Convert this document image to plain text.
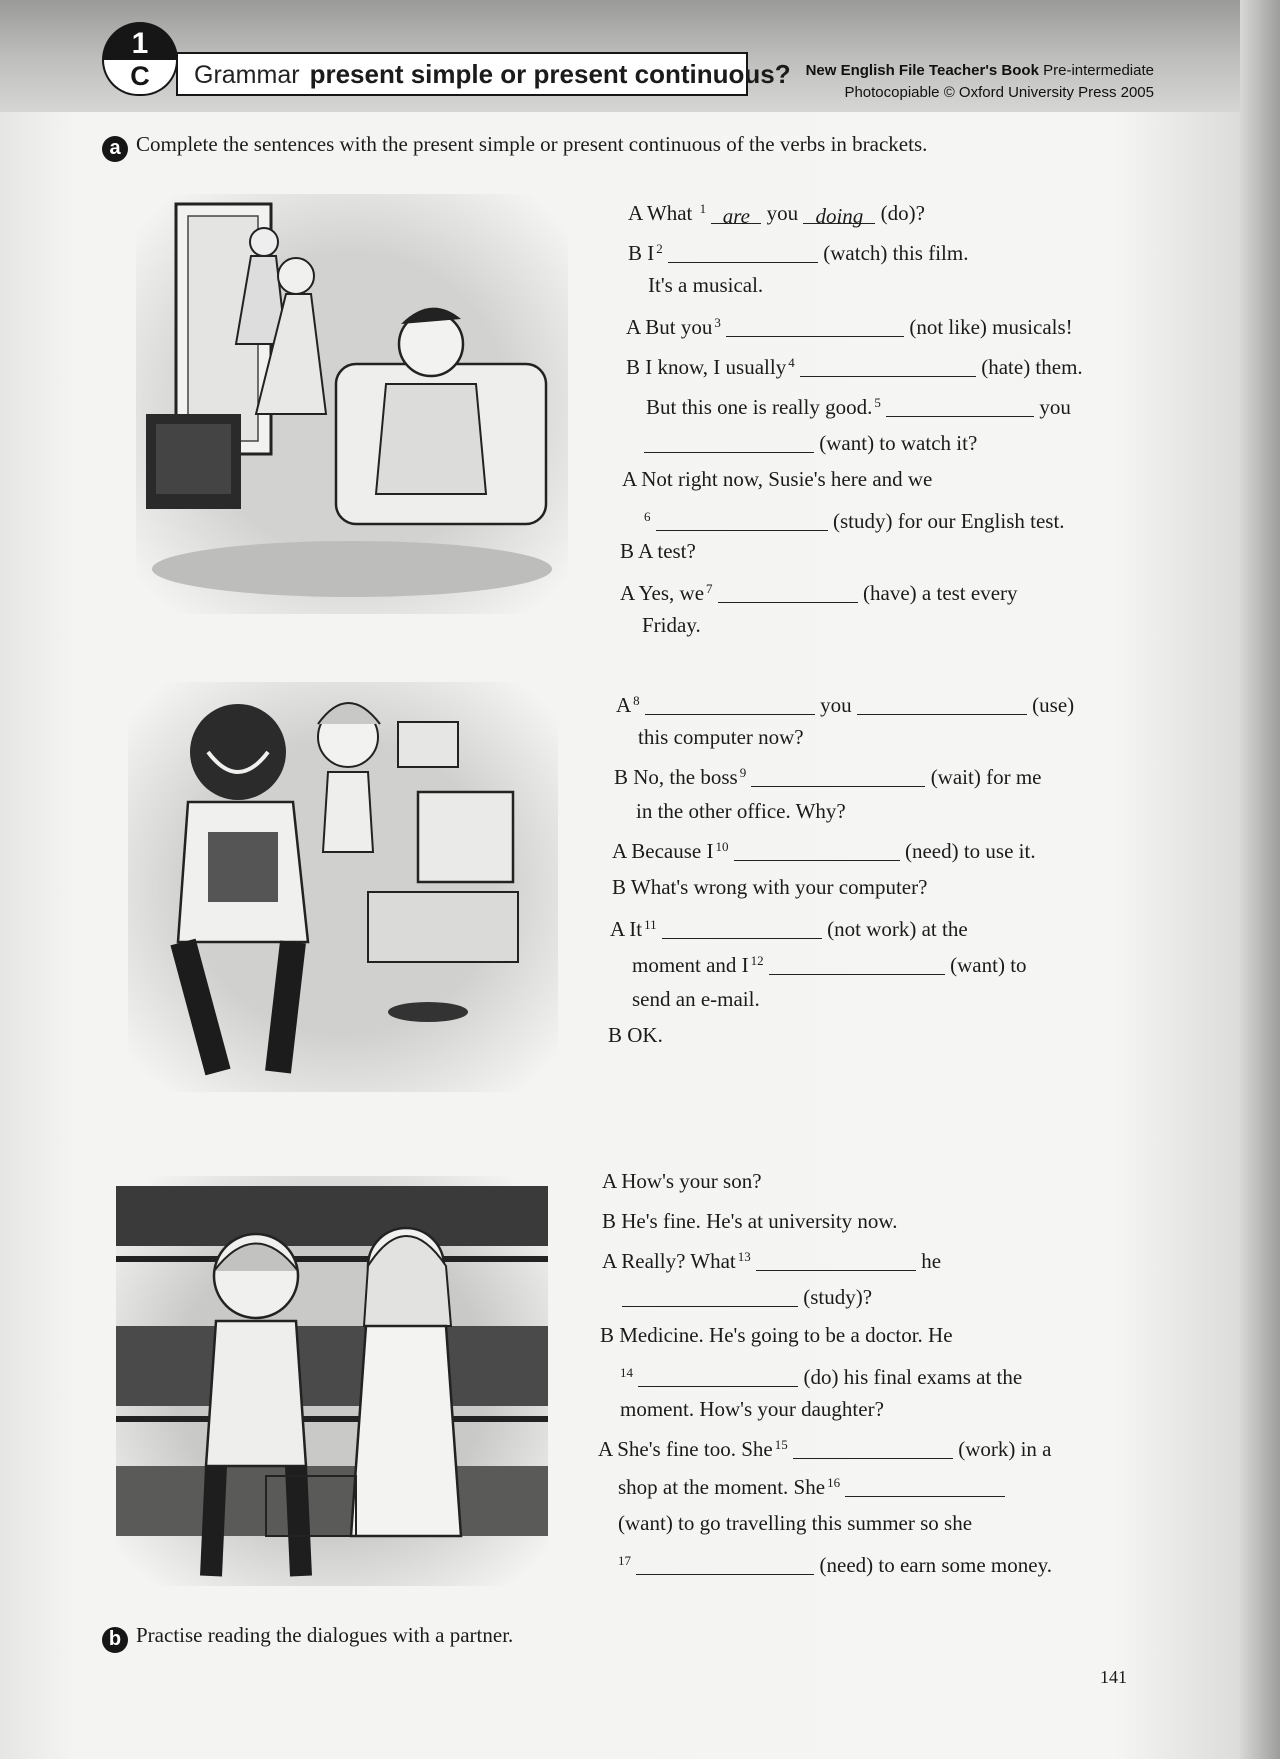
1
C	Grammar present simple or present continuous? New English File Teacher's Book Pre-intermediate
Photocopiable © Oxford University Press 2005
a Complete the sentences with the present simple or present continuous of the verbs in brackets.
A What $^1$ are you doing (do)?
B I $^2$	(watch) this film.
It's a musical.
A But you $^3$	(not like) musicals!
B I know, I usually $^4$	(hate) them.
But this one is really good. $^5$	you
(want) to watch it?
A Not right now, Susie's here and we
$^6$	(study) for our English test.
B A test?
A Yes, we $^7$	(have) a test every
Friday.
A $^8$	you	(use)
this computer now?
B No, the boss $^9$	(wait) for me
in the other office. Why?
A Because I $^{10}$	(need) to use it.
B What's wrong with your computer?
A It $^{11}$	(not work) at the
moment and I $^{12}$	(want) to
send an e-mail.
B OK.
A How's your son?
B He's fine. He's at university now.
A Really? What $^{13}$	he
(study)?
B Medicine. He's going to be a doctor. He
$^{14}$	(do) his final exams at the
moment. How's your daughter?
A She's fine too. She $^{15}$	(work) in a
shop at the moment. She $^{16}$
(want) to go travelling this summer so she
$^{17}$	(need) to earn some money.
b Practise reading the dialogues with a partner.
141
